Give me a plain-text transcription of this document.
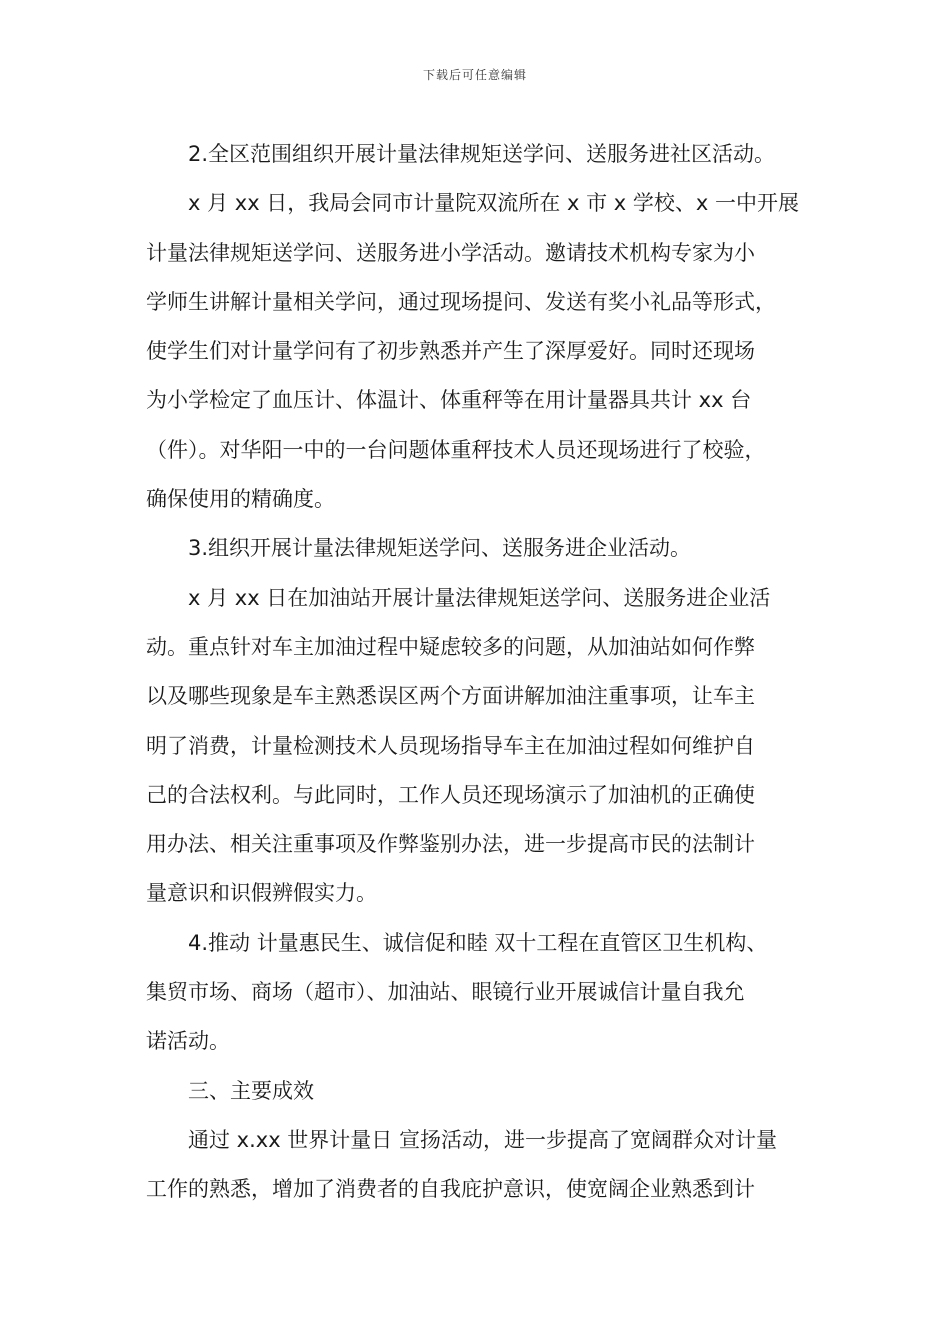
下载后可任意编辑
2.全区范围组织开展计量法律规矩送学问、送服务进社区活动。
x 月 xx 日，我局会同市计量院双流所在 x 市 x 学校、x 一中开展
计量法律规矩送学问、送服务进小学活动。邀请技术机构专家为小
学师生讲解计量相关学问，通过现场提问、发送有奖小礼品等形式，
使学生们对计量学问有了初步熟悉并产生了深厚爱好。同时还现场
为小学检定了血压计、体温计、体重秤等在用计量器具共计 xx 台
（件）。对华阳一中的一台问题体重秤技术人员还现场进行了校验，
确保使用的精确度。
3.组织开展计量法律规矩送学问、送服务进企业活动。
x 月 xx 日在加油站开展计量法律规矩送学问、送服务进企业活
动。重点针对车主加油过程中疑虑较多的问题，从加油站如何作弊
以及哪些现象是车主熟悉误区两个方面讲解加油注重事项，让车主
明了消费，计量检测技术人员现场指导车主在加油过程如何维护自
己的合法权利。与此同时，工作人员还现场演示了加油机的正确使
用办法、相关注重事项及作弊鉴别办法，进一步提高市民的法制计
量意识和识假辨假实力。
4.推动 计量惠民生、诚信促和睦 双十工程在直管区卫生机构、
集贸市场、商场（超市）、加油站、眼镜行业开展诚信计量自我允
诺活动。
三、主要成效
通过 x.xx 世界计量日 宣扬活动，进一步提高了宽阔群众对计量
工作的熟悉，增加了消费者的自我庇护意识，使宽阔企业熟悉到计
